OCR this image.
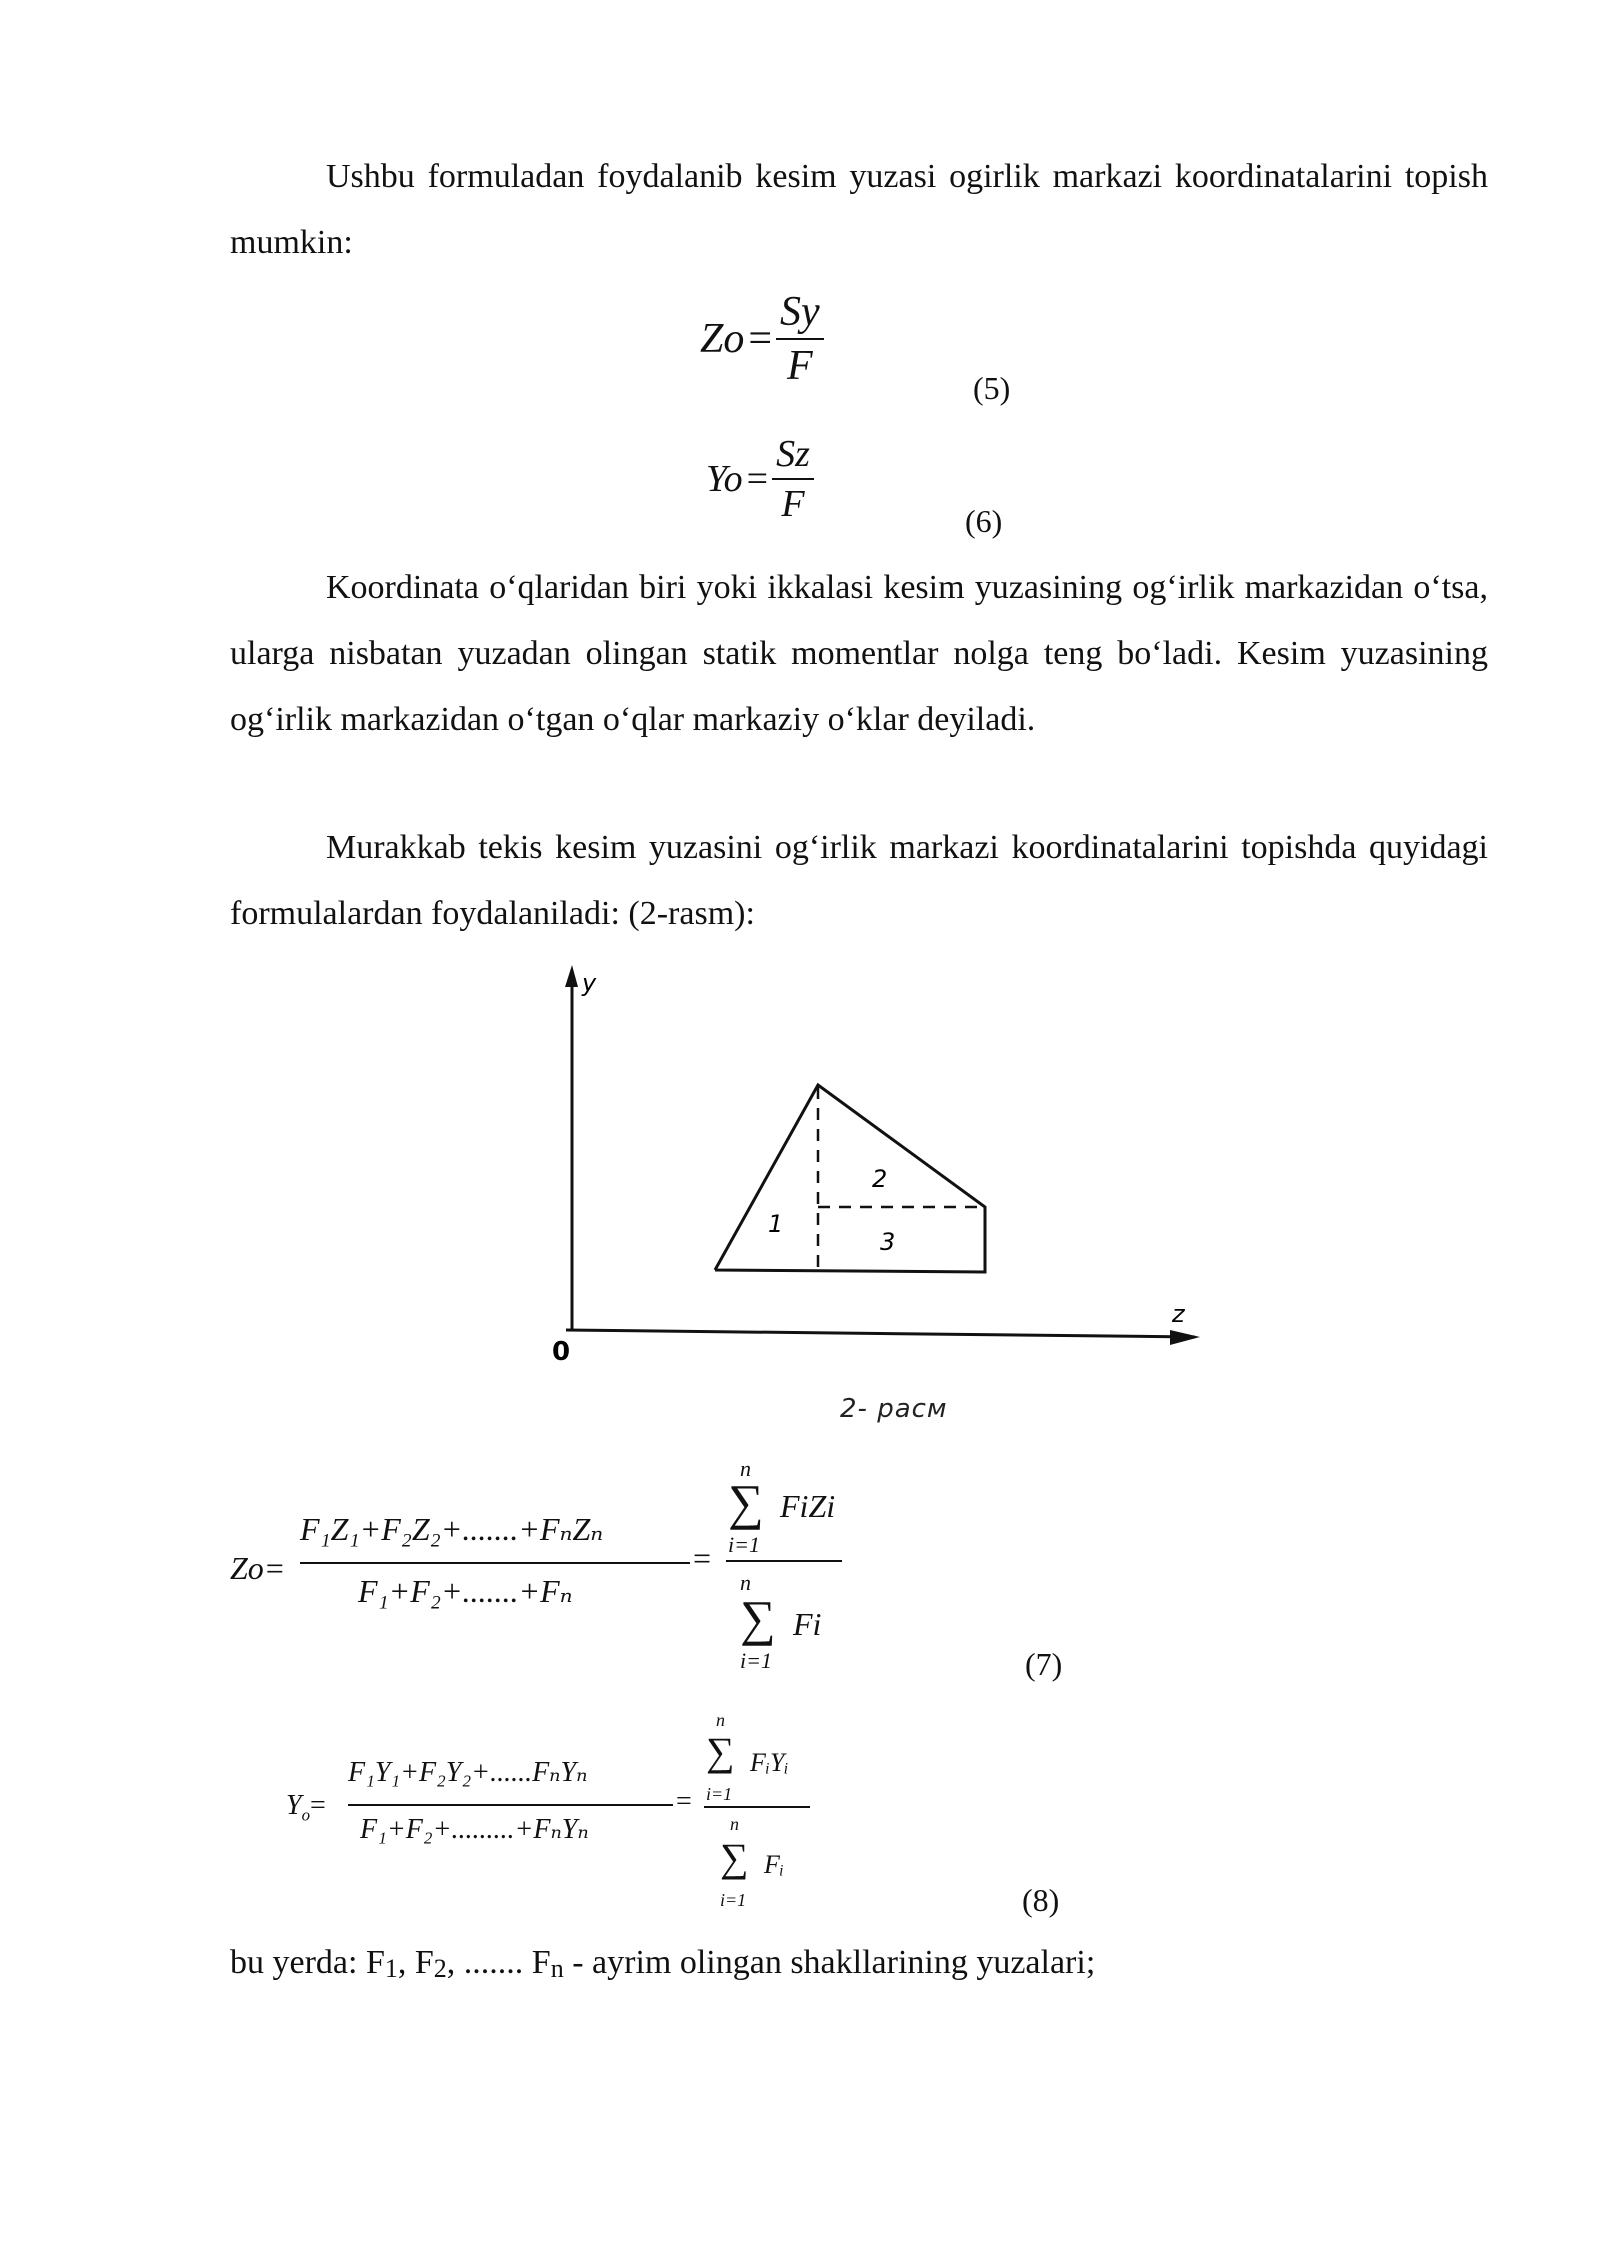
Ushbu formuladan foydalanib kesim yuzasi ogirlik markazi koordinatalarini topish mumkin:
$Zo = \frac{Sy}{F}$	(5)
$Yo = \frac{Sz}{F}$	(6)
Koordinata o‘qlaridan biri yoki ikkalasi kesim yuzasining og‘irlik markazidan o‘tsa, ularga nisbatan yuzadan olingan statik momentlar nolga teng bo‘ladi. Kesim yuzasining og‘irlik markazidan o‘tgan o‘qlar markaziy o‘klar deyiladi.
Murakkab tekis kesim yuzasini og‘irlik markazi koordinatalarini topishda quyidagi formulalardan foydalaniladi: (2-rasm):
y
z
0
1
2
3
2- расм
Zo=
F₁Z₁+F₂Z₂+.......+FₙZₙ
F₁+F₂+.......+Fₙ
=
n
∑
i=1
FiZi
n
∑
i=1
Fi
(7)
$Y_o=$
F₁Y₁+F₂Y₂+......FₙYₙ
F₁+F₂+.........+FₙYₙ
=
n
∑
i=1
FᵢYᵢ
n
∑
i=1
Fᵢ
(8)
bu yerda: F1, F2, ....... Fn - ayrim olingan shakllarining yuzalari;
